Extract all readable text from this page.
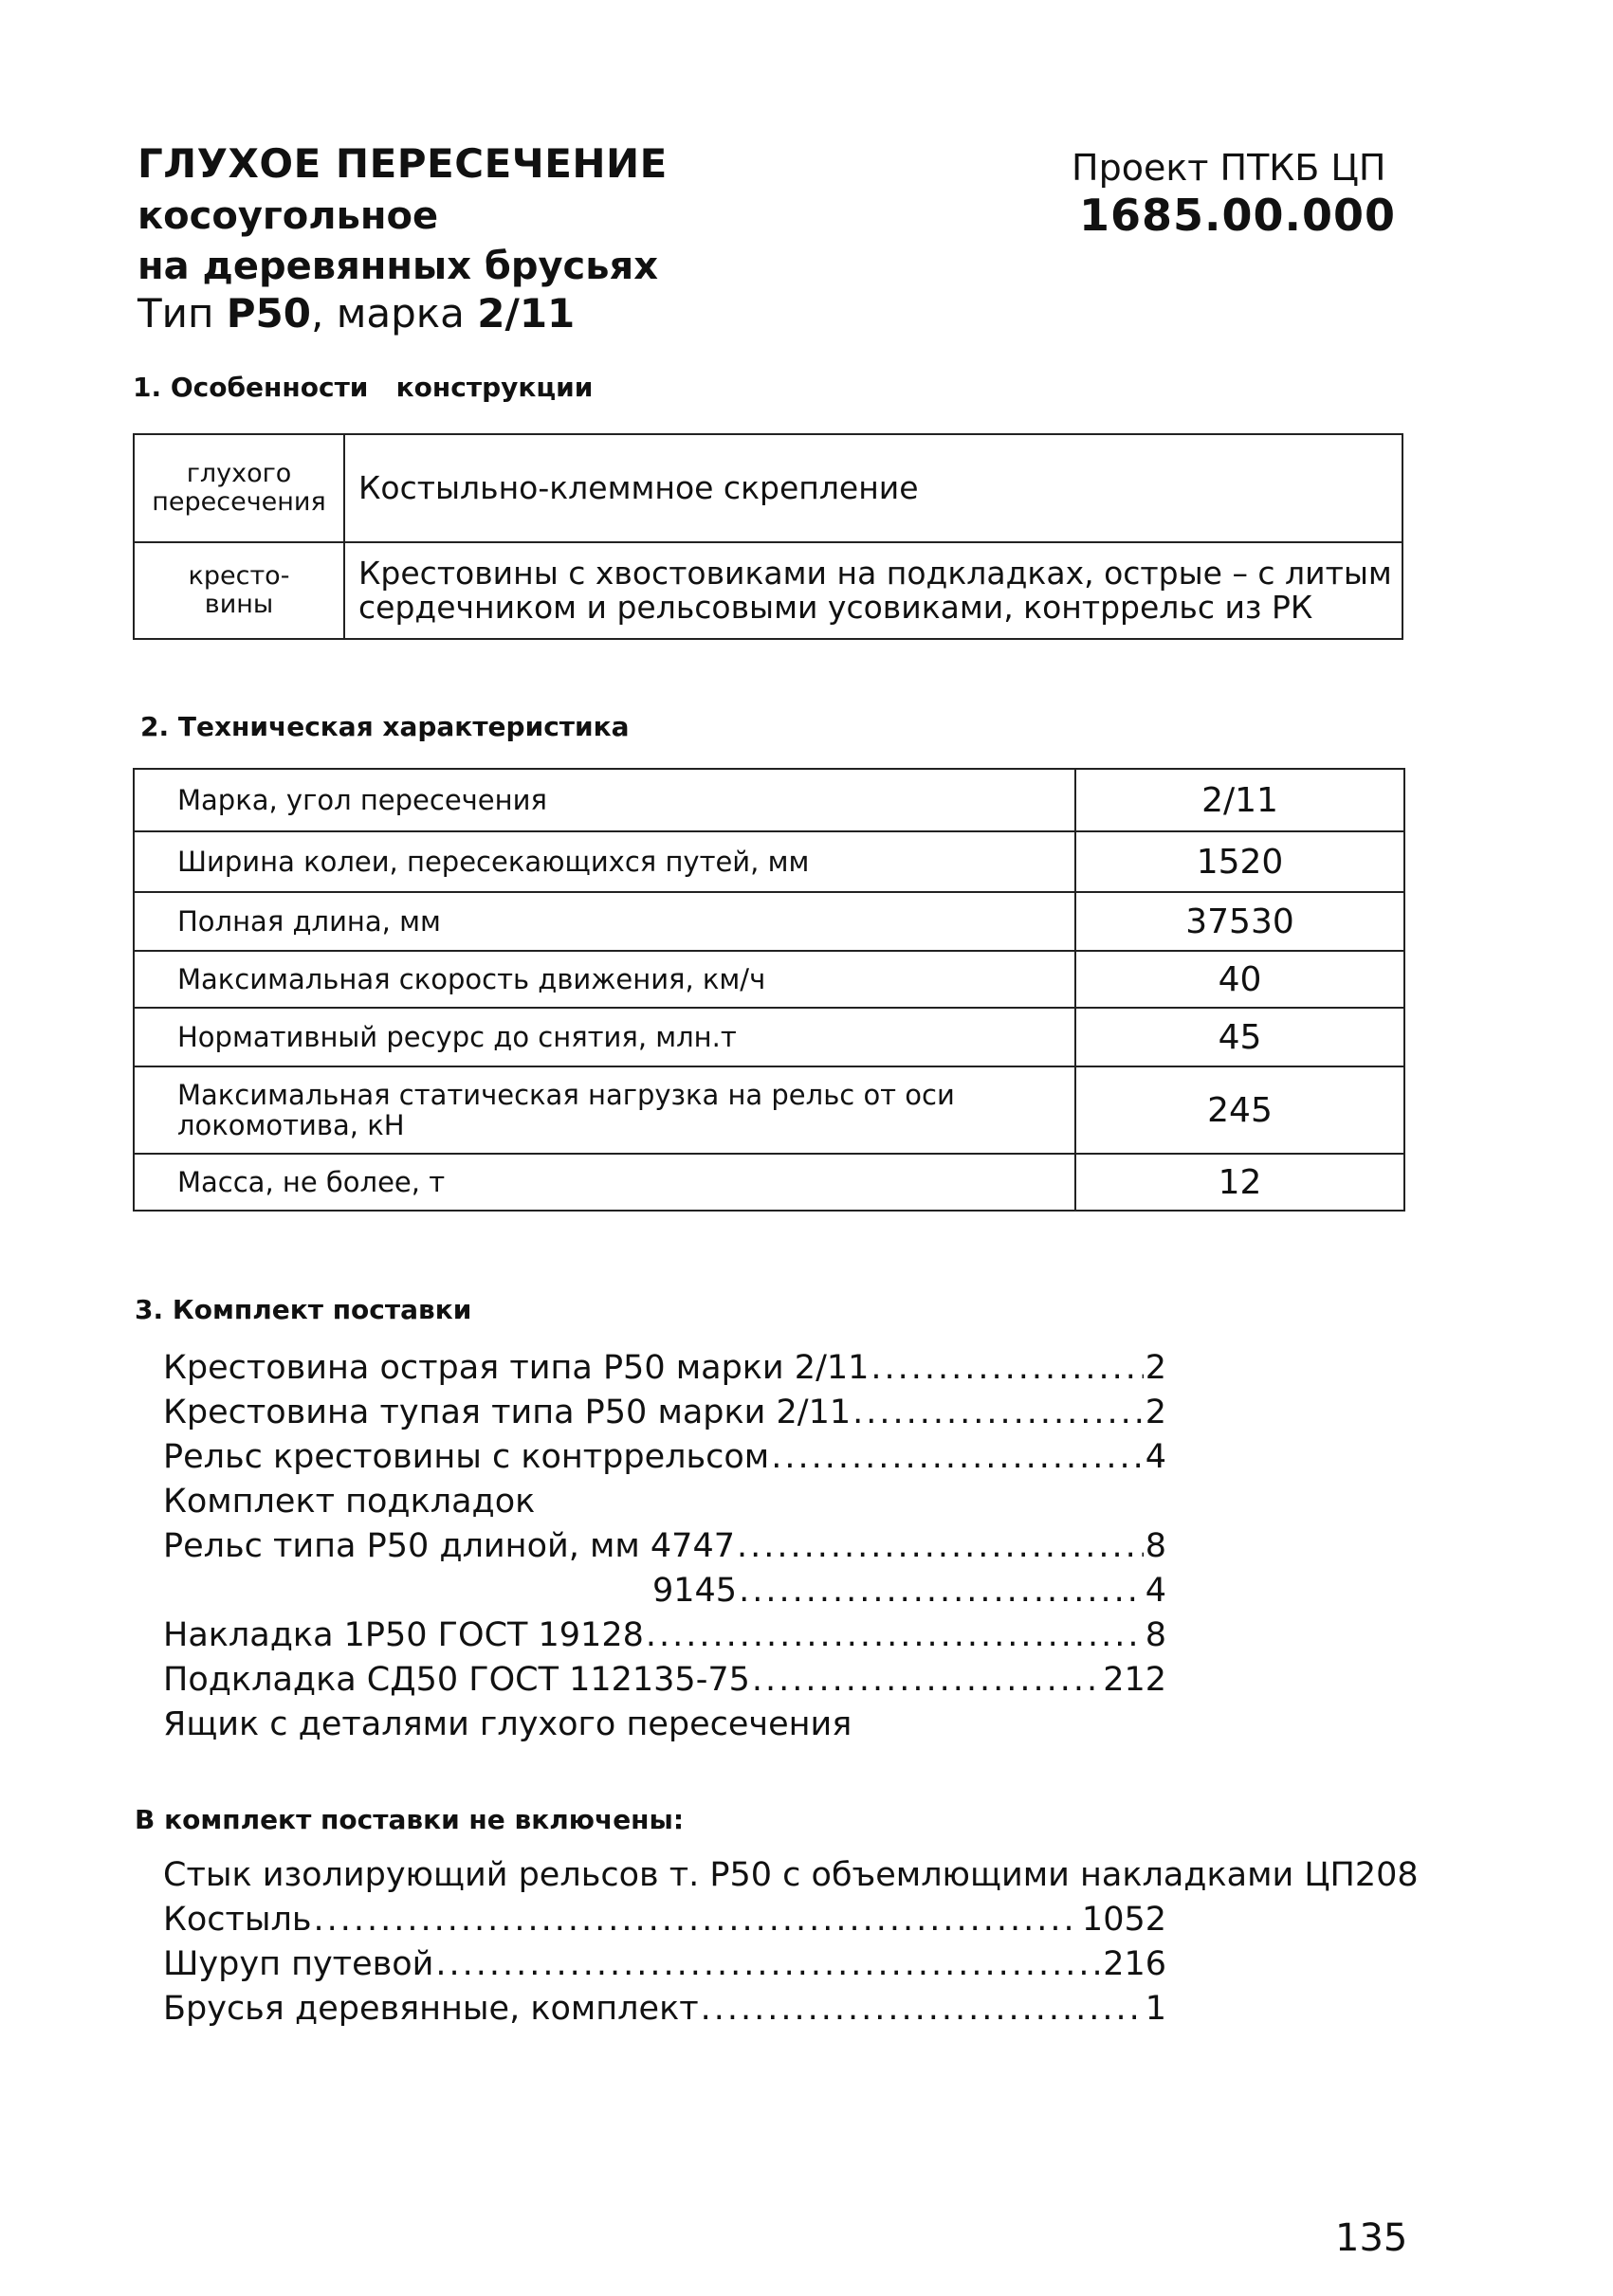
ГЛУХОЕ ПЕРЕСЕЧЕНИЕ
косоугольное
на деревянных брусьях
Тип Р50, марка 2/11
Проект ПТКБ ЦП
1685.00.000
1. Особенности   конструкции
глухого пересечения	Костыльно-клеммное скрепление
кресто- вины	Крестовины с хвостовиками на подкладках, острые – с литым сердечником и рельсовыми усовиками, контррельс из РК
2. Техническая характеристика
Марка, угол пересечения	2/11
Ширина колеи, пересекающихся путей, мм	1520
Полная длина, мм	37530
Максимальная скорость движения, км/ч	40
Нормативный ресурс до снятия, млн.т	45
Максимальная статическая нагрузка на рельс от оси локомотива, кН	245
Масса, не более, т	12
3. Комплект поставки
Крестовина острая типа Р50 марки 2/11 .....	2
Крестовина тупая типа Р50 марки 2/11 .....	2
Рельс крестовины с контррельсом .....	4
Комплект подкладок
Рельс типа Р50 длиной, мм 4747 .....	8
9145 .....	4
Накладка 1Р50 ГОСТ 19128 .....	8
Подкладка СД50 ГОСТ 112135-75 .....	212
Ящик с деталями глухого пересечения
В комплект поставки не включены:
Стык изолирующий рельсов т. Р50 с объемлющими накладками ЦП208
Костыль .....	1052
Шуруп путевой .....	216
Брусья деревянные, комплект .....	1
135
